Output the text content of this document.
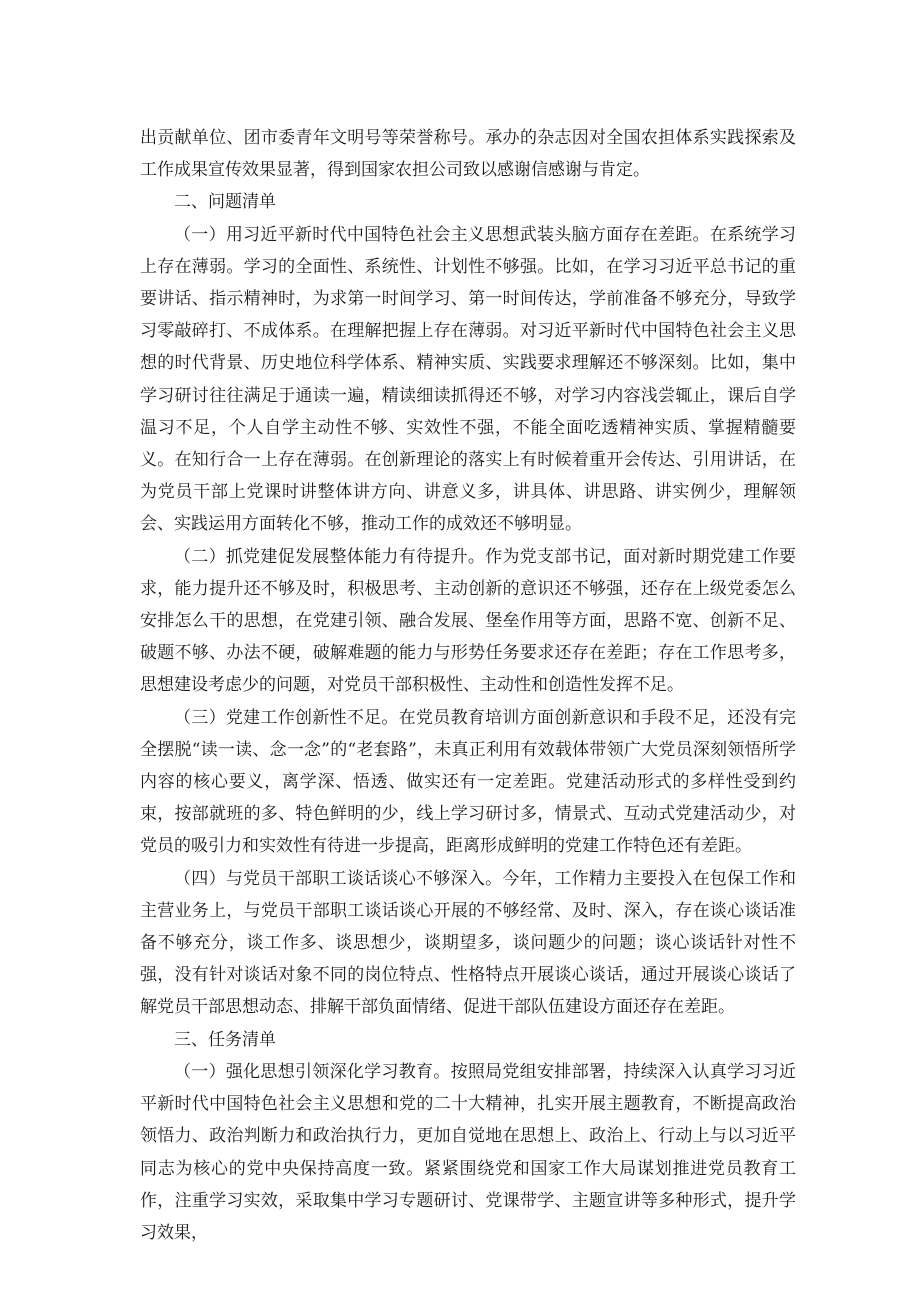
出贡献单位、团市委青年文明号等荣誉称号。承办的杂志因对全国农担体系实践探索及工作成果宣传效果显著，得到国家农担公司致以感谢信感谢与肯定。

二、问题清单

（一）用习近平新时代中国特色社会主义思想武装头脑方面存在差距。在系统学习上存在薄弱。学习的全面性、系统性、计划性不够强。比如，在学习习近平总书记的重要讲话、指示精神时，为求第一时间学习、第一时间传达，学前准备不够充分，导致学习零敲碎打、不成体系。在理解把握上存在薄弱。对习近平新时代中国特色社会主义思想的时代背景、历史地位科学体系、精神实质、实践要求理解还不够深刻。比如，集中学习研讨往往满足于通读一遍，精读细读抓得还不够，对学习内容浅尝辄止，课后自学温习不足，个人自学主动性不够、实效性不强，不能全面吃透精神实质、掌握精髓要义。在知行合一上存在薄弱。在创新理论的落实上有时候着重开会传达、引用讲话，在为党员干部上党课时讲整体讲方向、讲意义多，讲具体、讲思路、讲实例少，理解领会、实践运用方面转化不够，推动工作的成效还不够明显。

（二）抓党建促发展整体能力有待提升。作为党支部书记，面对新时期党建工作要求，能力提升还不够及时，积极思考、主动创新的意识还不够强，还存在上级党委怎么安排怎么干的思想，在党建引领、融合发展、堡垒作用等方面，思路不宽、创新不足、破题不够、办法不硬，破解难题的能力与形势任务要求还存在差距；存在工作思考多，思想建设考虑少的问题，对党员干部积极性、主动性和创造性发挥不足。

（三）党建工作创新性不足。在党员教育培训方面创新意识和手段不足，还没有完全摆脱“读一读、念一念”的“老套路”，未真正利用有效载体带领广大党员深刻领悟所学内容的核心要义，离学深、悟透、做实还有一定差距。党建活动形式的多样性受到约束，按部就班的多、特色鲜明的少，线上学习研讨多，情景式、互动式党建活动少，对党员的吸引力和实效性有待进一步提高，距离形成鲜明的党建工作特色还有差距。

（四）与党员干部职工谈话谈心不够深入。今年，工作精力主要投入在包保工作和主营业务上，与党员干部职工谈话谈心开展的不够经常、及时、深入，存在谈心谈话准备不够充分，谈工作多、谈思想少，谈期望多，谈问题少的问题；谈心谈话针对性不强，没有针对谈话对象不同的岗位特点、性格特点开展谈心谈话，通过开展谈心谈话了解党员干部思想动态、排解干部负面情绪、促进干部队伍建设方面还存在差距。

三、任务清单

（一）强化思想引领深化学习教育。按照局党组安排部署，持续深入认真学习习近平新时代中国特色社会主义思想和党的二十大精神，扎实开展主题教育，不断提高政治领悟力、政治判断力和政治执行力，更加自觉地在思想上、政治上、行动上与以习近平同志为核心的党中央保持高度一致。紧紧围绕党和国家工作大局谋划推进党员教育工作，注重学习实效，采取集中学习专题研讨、党课带学、主题宣讲等多种形式，提升学习效果，
